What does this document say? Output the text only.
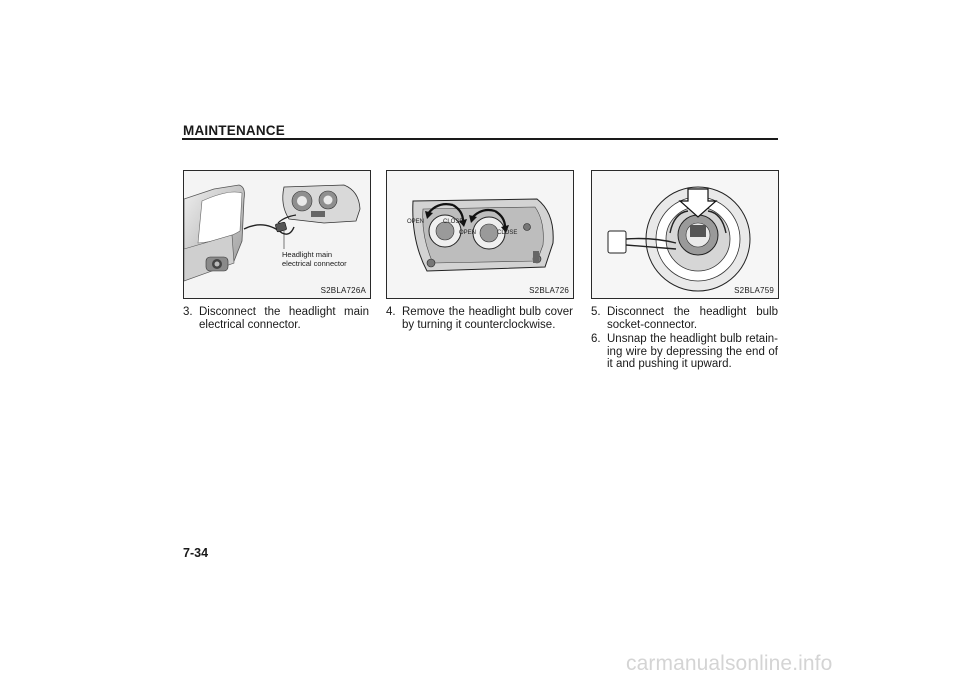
MAINTENANCE
Headlight main
electrical connector
S2BLA726A
OPEN	CLOSE
OPEN	CLOSE
S2BLA726	S2BLA759
3. Disconnect the headlight main electrical connector.
4. Remove the headlight bulb cover by turning it counterclockwise.
5. Disconnect the headlight bulb socket-connector.
6. Unsnap the headlight bulb retain-ing wire by depressing the end of it and pushing it upward.
7-34
carmanualsonline.info
